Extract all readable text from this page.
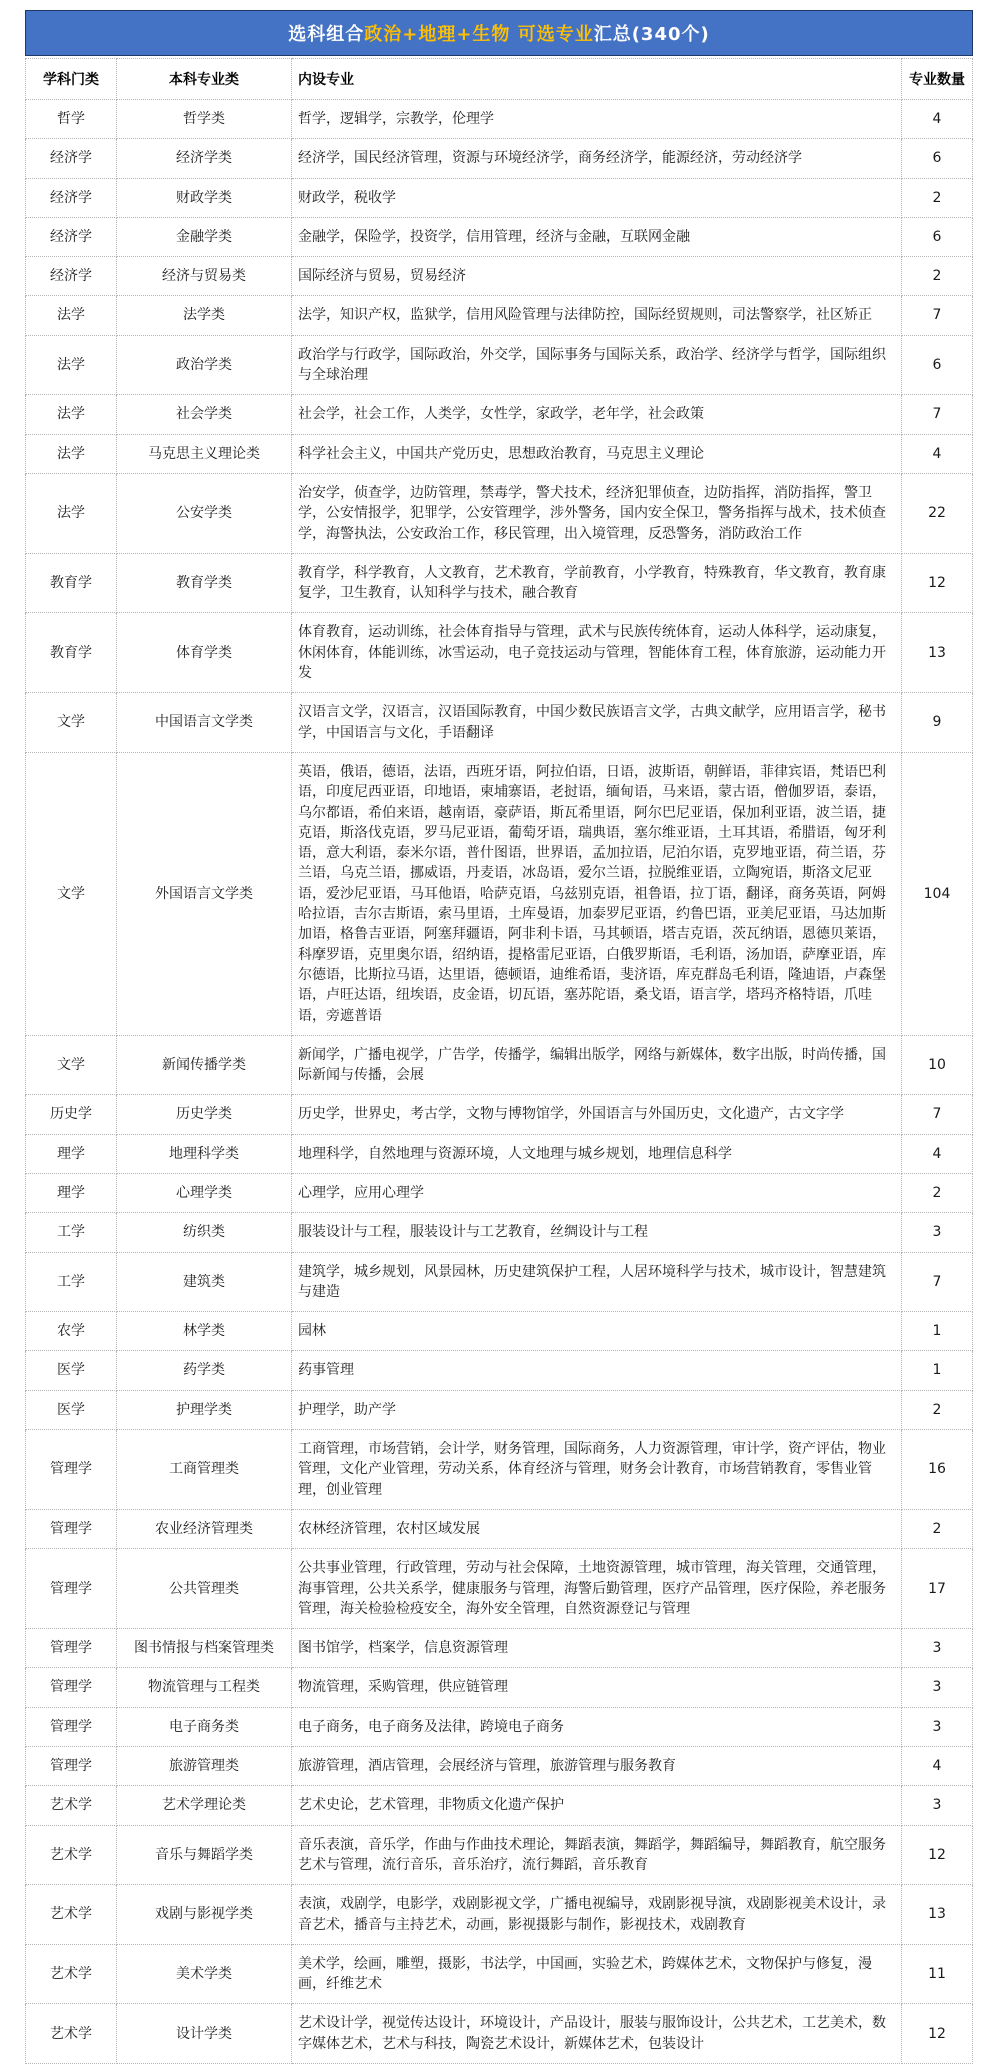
选科组合政治+地理+生物 可选专业汇总(340个)
学科门类	本科专业类	内设专业	专业数量
哲学	哲学类	哲学，逻辑学，宗教学，伦理学	4
经济学	经济学类	经济学，国民经济管理，资源与环境经济学，商务经济学，能源经济，劳动经济学	6
经济学	财政学类	财政学，税收学	2
经济学	金融学类	金融学，保险学，投资学，信用管理，经济与金融，互联网金融	6
经济学	经济与贸易类	国际经济与贸易，贸易经济	2
法学	法学类	法学，知识产权，监狱学，信用风险管理与法律防控，国际经贸规则，司法警察学，社区矫正	7
法学	政治学类	政治学与行政学，国际政治，外交学，国际事务与国际关系，政治学、经济学与哲学，国际组织与全球治理	6
法学	社会学类	社会学，社会工作，人类学，女性学，家政学，老年学，社会政策	7
法学	马克思主义理论类	科学社会主义，中国共产党历史，思想政治教育，马克思主义理论	4
法学	公安学类	治安学，侦查学，边防管理，禁毒学，警犬技术，经济犯罪侦查，边防指挥，消防指挥，警卫学，公安情报学，犯罪学，公安管理学，涉外警务，国内安全保卫，警务指挥与战术，技术侦查学，海警执法，公安政治工作，移民管理，出入境管理，反恐警务，消防政治工作	22
教育学	教育学类	教育学，科学教育，人文教育，艺术教育，学前教育，小学教育，特殊教育，华文教育，教育康复学，卫生教育，认知科学与技术，融合教育	12
教育学	体育学类	体育教育，运动训练，社会体育指导与管理，武术与民族传统体育，运动人体科学，运动康复，休闲体育，体能训练，冰雪运动，电子竞技运动与管理，智能体育工程，体育旅游，运动能力开发	13
文学	中国语言文学类	汉语言文学，汉语言，汉语国际教育，中国少数民族语言文学，古典文献学，应用语言学，秘书学，中国语言与文化，手语翻译	9
文学	外国语言文学类	英语，俄语，德语，法语，西班牙语，阿拉伯语，日语，波斯语，朝鲜语，菲律宾语，梵语巴利语，印度尼西亚语，印地语，柬埔寨语，老挝语，缅甸语，马来语，蒙古语，僧伽罗语，泰语，乌尔都语，希伯来语，越南语，豪萨语，斯瓦希里语，阿尔巴尼亚语，保加利亚语，波兰语，捷克语，斯洛伐克语，罗马尼亚语，葡萄牙语，瑞典语，塞尔维亚语，土耳其语，希腊语，匈牙利语，意大利语，泰米尔语，普什图语，世界语，孟加拉语，尼泊尔语，克罗地亚语，荷兰语，芬兰语，乌克兰语，挪威语，丹麦语，冰岛语，爱尔兰语，拉脱维亚语，立陶宛语，斯洛文尼亚语，爱沙尼亚语，马耳他语，哈萨克语，乌兹别克语，祖鲁语，拉丁语，翻译，商务英语，阿姆哈拉语，吉尔吉斯语，索马里语，土库曼语，加泰罗尼亚语，约鲁巴语，亚美尼亚语，马达加斯加语，格鲁吉亚语，阿塞拜疆语，阿非利卡语，马其顿语，塔吉克语，茨瓦纳语，恩德贝莱语，科摩罗语，克里奥尔语，绍纳语，提格雷尼亚语，白俄罗斯语，毛利语，汤加语，萨摩亚语，库尔德语，比斯拉马语，达里语，德顿语，迪维希语，斐济语，库克群岛毛利语，隆迪语，卢森堡语，卢旺达语，纽埃语，皮金语，切瓦语，塞苏陀语，桑戈语，语言学，塔玛齐格特语，爪哇语，旁遮普语	104
文学	新闻传播学类	新闻学，广播电视学，广告学，传播学，编辑出版学，网络与新媒体，数字出版，时尚传播，国际新闻与传播，会展	10
历史学	历史学类	历史学，世界史，考古学，文物与博物馆学，外国语言与外国历史，文化遗产，古文字学	7
理学	地理科学类	地理科学，自然地理与资源环境，人文地理与城乡规划，地理信息科学	4
理学	心理学类	心理学，应用心理学	2
工学	纺织类	服装设计与工程，服装设计与工艺教育，丝绸设计与工程	3
工学	建筑类	建筑学，城乡规划，风景园林，历史建筑保护工程，人居环境科学与技术，城市设计，智慧建筑与建造	7
农学	林学类	园林	1
医学	药学类	药事管理	1
医学	护理学类	护理学，助产学	2
管理学	工商管理类	工商管理，市场营销，会计学，财务管理，国际商务，人力资源管理，审计学，资产评估，物业管理，文化产业管理，劳动关系，体育经济与管理，财务会计教育，市场营销教育，零售业管理，创业管理	16
管理学	农业经济管理类	农林经济管理，农村区域发展	2
管理学	公共管理类	公共事业管理，行政管理，劳动与社会保障，土地资源管理，城市管理，海关管理，交通管理，海事管理，公共关系学，健康服务与管理，海警后勤管理，医疗产品管理，医疗保险，养老服务管理，海关检验检疫安全，海外安全管理，自然资源登记与管理	17
管理学	图书情报与档案管理类	图书馆学，档案学，信息资源管理	3
管理学	物流管理与工程类	物流管理，采购管理，供应链管理	3
管理学	电子商务类	电子商务，电子商务及法律，跨境电子商务	3
管理学	旅游管理类	旅游管理，酒店管理，会展经济与管理，旅游管理与服务教育	4
艺术学	艺术学理论类	艺术史论，艺术管理，非物质文化遗产保护	3
艺术学	音乐与舞蹈学类	音乐表演，音乐学，作曲与作曲技术理论，舞蹈表演，舞蹈学，舞蹈编导，舞蹈教育，航空服务艺术与管理，流行音乐，音乐治疗，流行舞蹈，音乐教育	12
艺术学	戏剧与影视学类	表演，戏剧学，电影学，戏剧影视文学，广播电视编导，戏剧影视导演，戏剧影视美术设计，录音艺术，播音与主持艺术，动画，影视摄影与制作，影视技术，戏剧教育	13
艺术学	美术学类	美术学，绘画，雕塑，摄影，书法学，中国画，实验艺术，跨媒体艺术，文物保护与修复，漫画，纤维艺术	11
艺术学	设计学类	艺术设计学，视觉传达设计，环境设计，产品设计，服装与服饰设计，公共艺术，工艺美术，数字媒体艺术，艺术与科技，陶瓷艺术设计，新媒体艺术，包装设计	12
